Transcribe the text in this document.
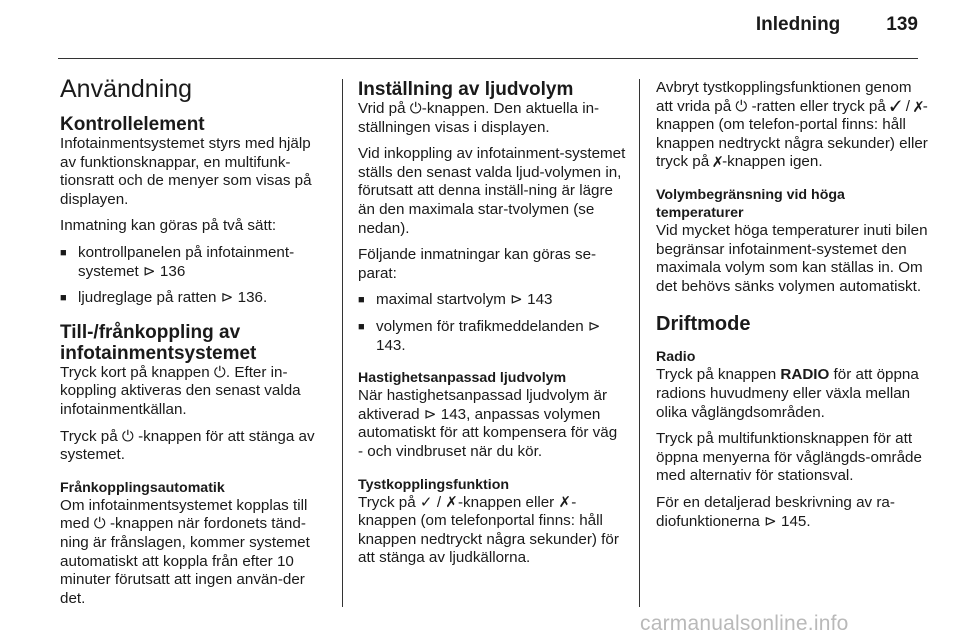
Inledning 139
Användning
Kontrollelement

Infotainmentsystemet styrs med hjälp av funktionsknappar, en multifunk-tionsratt och de menyer som visas på displayen.

Inmatning kan göras på två sätt:

■ kontrollpanelen på infotainment-systemet ⊳ 136
■ ljudreglage på ratten ⊳ 136.
Till-/frånkoppling av infotainmentsystemet

Tryck kort på knappen ⏻. Efter in-koppling aktiveras den senast valda infotainmentkällan.

Tryck på ⏻ -knappen för att stänga av systemet.

Frånkopplingsautomatik

Om infotainmentsystemet kopplas till med ⏻ -knappen när fordonets tänd-ning är frånslagen, kommer systemet automatiskt att koppla från efter 10 minuter förutsatt att ingen använ-der det.

Inställning av ljudvolym

Vrid på ⏻-knappen. Den aktuella in-ställningen visas i displayen.

Vid inkoppling av infotainment-systemet ställs den senast valda ljud-volymen in, förutsatt att denna inställ-ning är lägre än den maximala star-tvolymen (se nedan).

Följande inmatningar kan göras se-parat:

■ maximal startvolym ⊳ 143
■ volymen för trafikmeddelanden ⊳ 143.
Hastighetsanpassad ljudvolym

När hastighetsanpassad ljudvolym är aktiverad ⊳ 143, anpassas volymen automatiskt för att kompensera för väg - och vindbruset när du kör.

Tystkopplingsfunktion

Tryck på ✓ / ✗-knappen eller ✗-knappen (om telefonportal finns: håll knappen nedtryckt några sekunder) för att stänga av ljudkällorna.

Avbryt tystkopplingsfunktionen genom att vrida på ⏻ -ratten eller tryck på ✓ / ✗-knappen (om telefon-portal finns: håll knappen nedtryckt några sekunder) eller tryck på ✗-knappen igen.

Volymbegränsning vid höga temperaturer

Vid mycket höga temperaturer inuti bilen begränsar infotainment-systemet den maximala volym som kan ställas in. Om det behövs sänks volymen automatiskt.

Driftmode
Radio

Tryck på knappen RADIO för att öppna radions huvudmeny eller växla mellan olika våglängdsområden.

Tryck på multifunktionsknappen för att öppna menyerna för våglängds-område med alternativ för stationsval.

För en detaljerad beskrivning av ra-diofunktionerna ⊳ 145.

carmanualsonline.info
